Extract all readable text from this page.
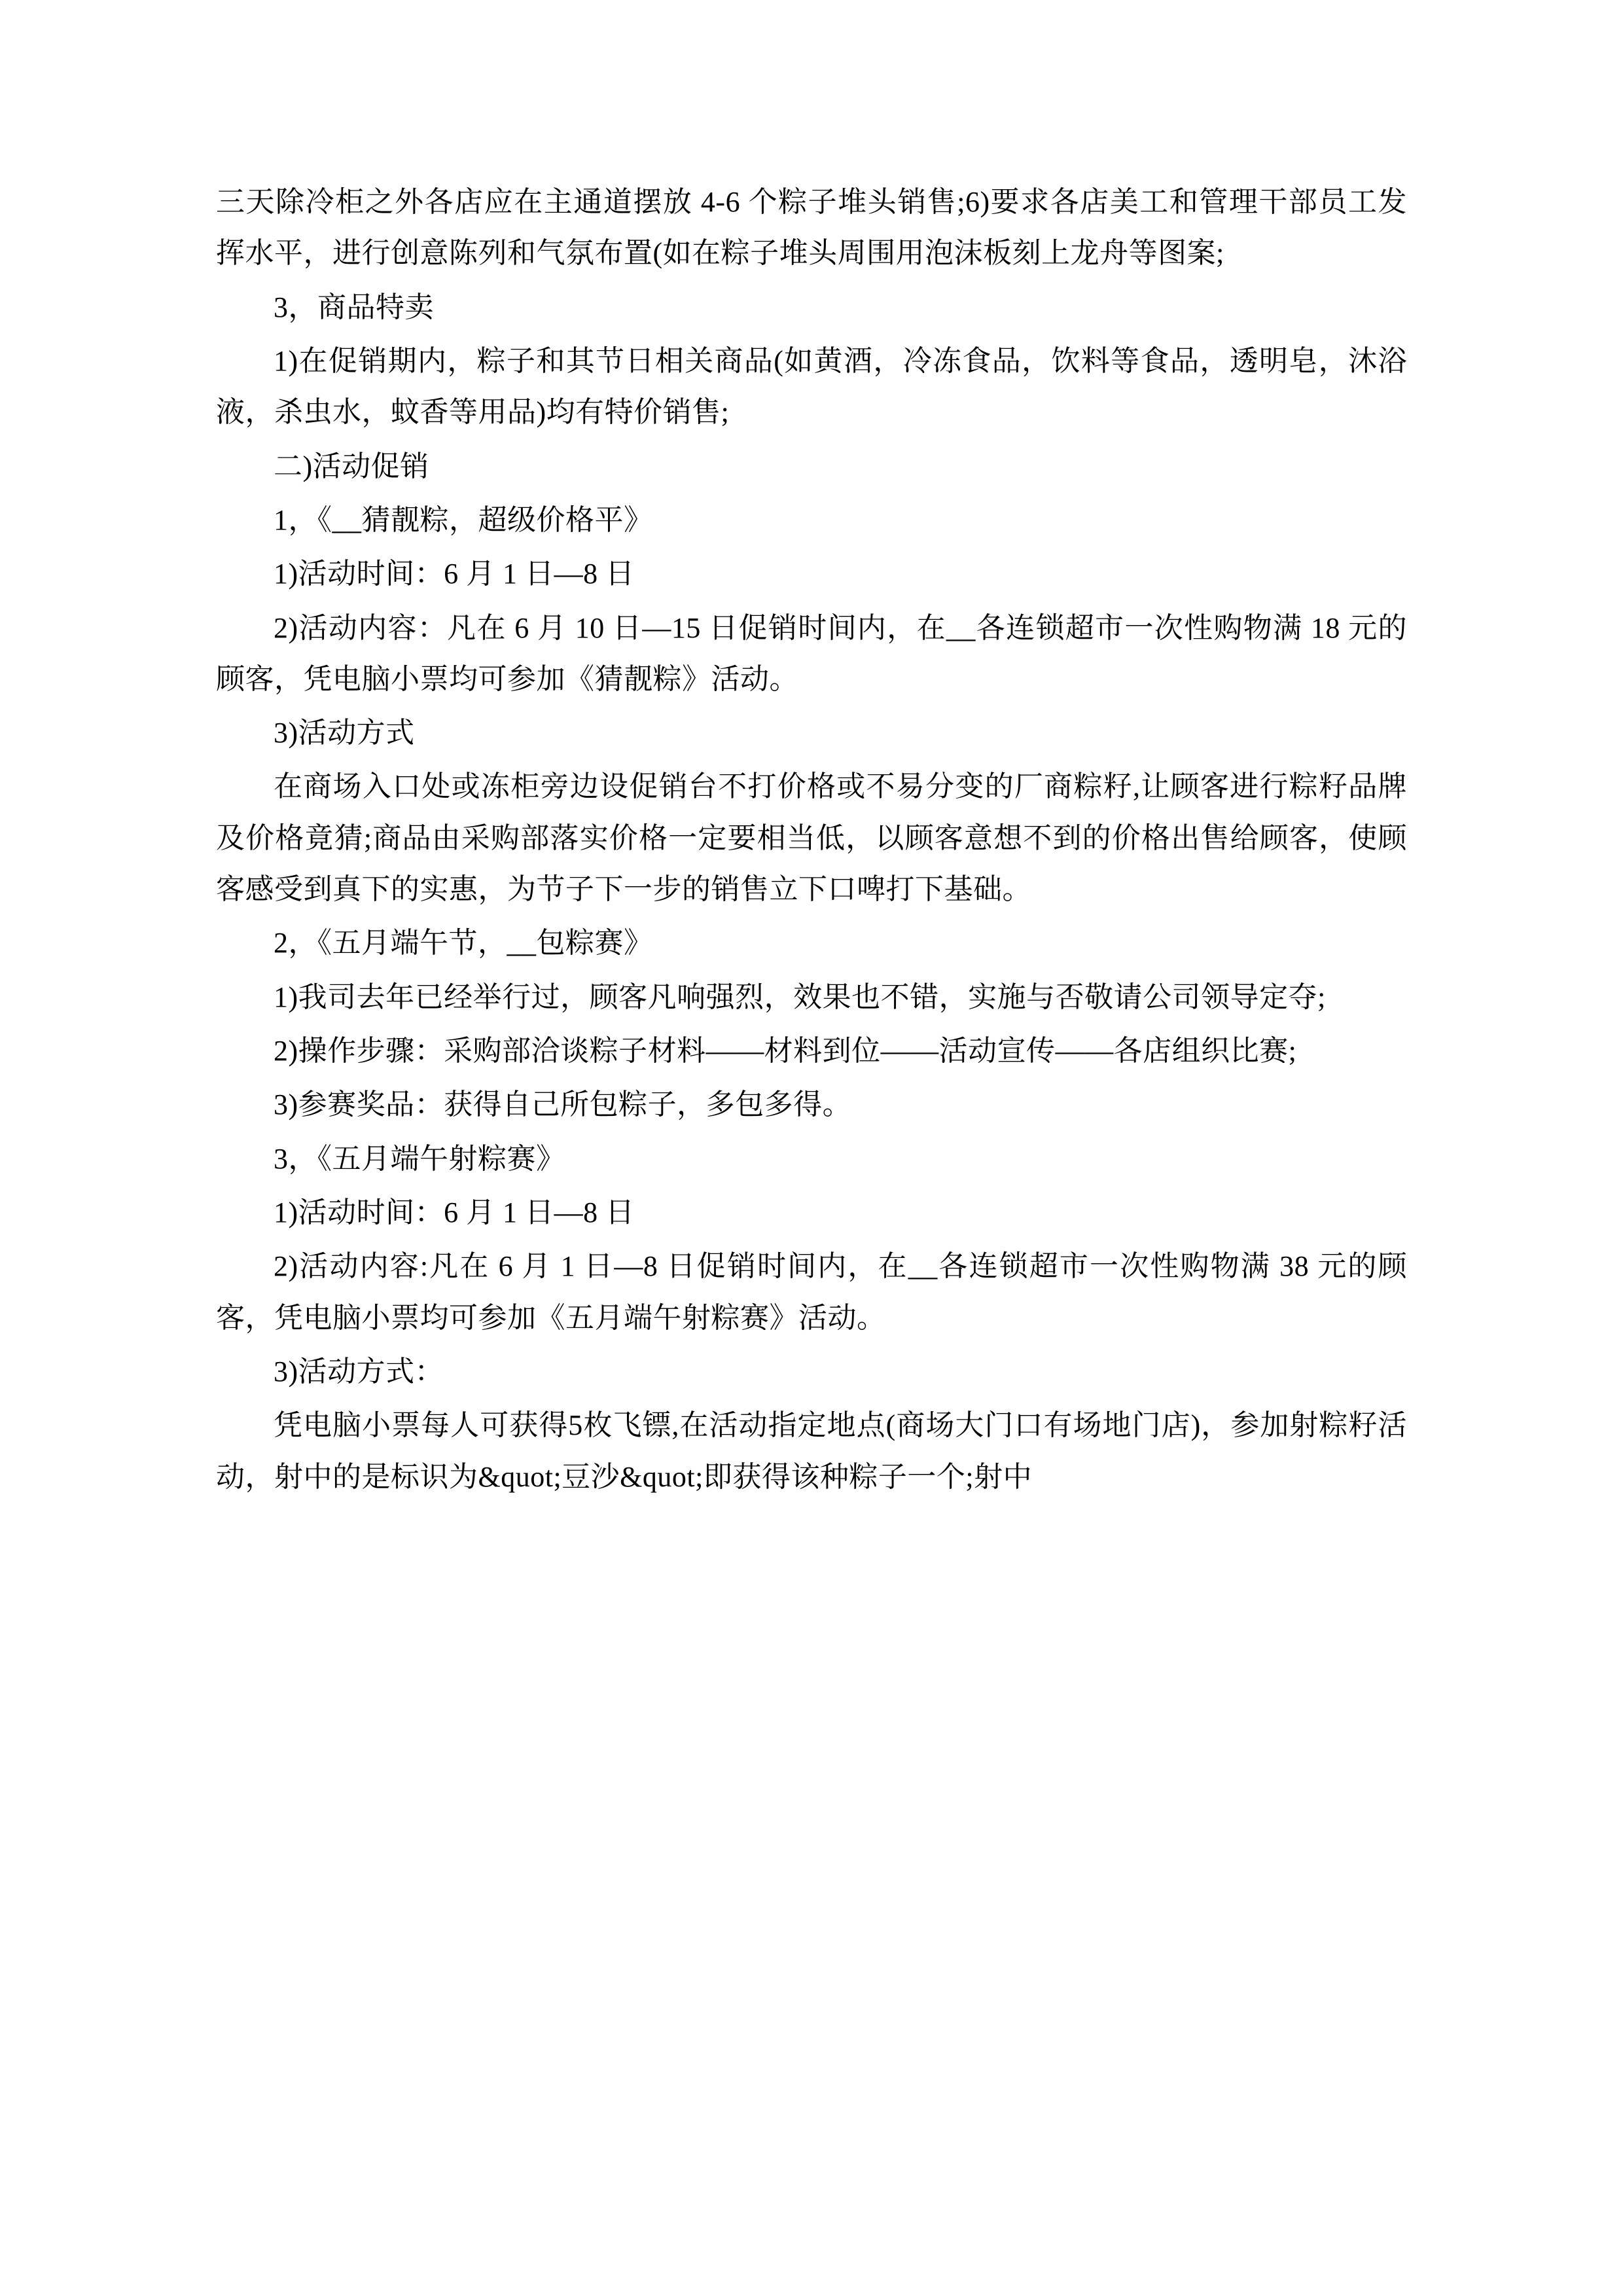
三天除冷柜之外各店应在主通道摆放 4-6 个粽子堆头销售;6)要求各店美工和管理干部员工发挥水平，进行创意陈列和气氛布置(如在粽子堆头周围用泡沫板刻上龙舟等图案;

3，商品特卖

1)在促销期内，粽子和其节日相关商品(如黄酒，冷冻食品，饮料等食品，透明皂，沐浴液，杀虫水，蚊香等用品)均有特价销售;

二)活动促销

1，《__猜靓粽，超级价格平》

1)活动时间：6 月 1 日—8 日

2)活动内容：凡在 6 月 10 日—15 日促销时间内，在__各连锁超市一次性购物满 18 元的顾客，凭电脑小票均可参加《猜靓粽》活动。

3)活动方式

在商场入口处或冻柜旁边设促销台不打价格或不易分变的厂商粽籽,让顾客进行粽籽品牌及价格竟猜;商品由采购部落实价格一定要相当低，以顾客意想不到的价格出售给顾客，使顾客感受到真下的实惠，为节子下一步的销售立下口啤打下基础。

2，《五月端午节，__包粽赛》

1)我司去年已经举行过，顾客凡响强烈，效果也不错，实施与否敬请公司领导定夺;

2)操作步骤：采购部洽谈粽子材料——材料到位——活动宣传——各店组织比赛;

3)参赛奖品：获得自己所包粽子，多包多得。

3，《五月端午射粽赛》

1)活动时间：6 月 1 日—8 日

2)活动内容:凡在 6 月 1 日—8 日促销时间内，在__各连锁超市一次性购物满 38 元的顾客，凭电脑小票均可参加《五月端午射粽赛》活动。

3)活动方式：

凭电脑小票每人可获得5枚飞镖,在活动指定地点(商场大门口有场地门店)，参加射粽籽活动，射中的是标识为&quot;豆沙&quot;即获得该种粽子一个;射中
